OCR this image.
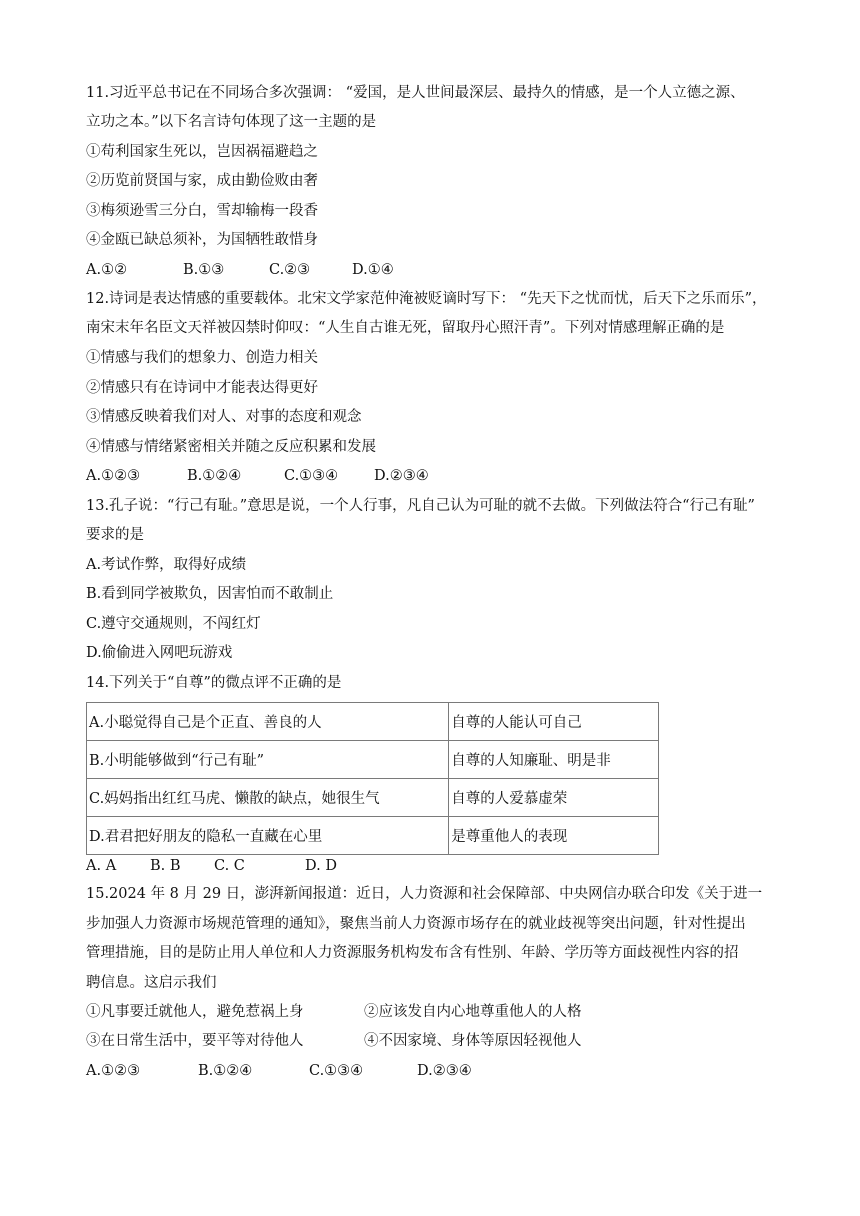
11.习近平总书记在不同场合多次强调： “爱国，是人世间最深层、最持久的情感，是一个人立德之源、
立功之本。”以下名言诗句体现了这一主题的是
①苟利国家生死以，岂因祸福避趋之
②历览前贤国与家，成由勤俭败由奢
③梅须逊雪三分白，雪却输梅一段香
④金瓯已缺总须补，为国牺牲敢惜身
A.①②	B.①③	C.②③	D.①④
12.诗词是表达情感的重要载体。北宋文学家范仲淹被贬谪时写下： “先天下之忧而忧，后天下之乐而乐”，
南宋末年名臣文天祥被囚禁时仰叹：“人生自古谁无死，留取丹心照汗青”。下列对情感理解正确的是
①情感与我们的想象力、创造力相关
②情感只有在诗词中才能表达得更好
③情感反映着我们对人、对事的态度和观念
④情感与情绪紧密相关并随之反应积累和发展
A.①②③	B.①②④	C.①③④ D.②③④
13.孔子说：“行己有耻。”意思是说，一个人行事，凡自己认为可耻的就不去做。下列做法符合“行己有耻”
要求的是
A.考试作弊，取得好成绩
B.看到同学被欺负，因害怕而不敢制止
C.遵守交通规则，不闯红灯
D.偷偷进入网吧玩游戏
14.下列关于“自尊”的微点评不正确的是
A.小聪觉得自己是个正直、善良的人	自尊的人能认可自己
B.小明能够做到“行己有耻”	自尊的人知廉耻、明是非
C.妈妈指出红红马虎、懒散的缺点，她很生气	自尊的人爱慕虚荣
D.君君把好朋友的隐私一直藏在心里	是尊重他人的表现
A. A B. B C. C	D. D
15.2024 年 8 月 29 日，澎湃新闻报道：近日，人力资源和社会保障部、中央网信办联合印发《关于进一
步加强人力资源市场规范管理的通知》，聚焦当前人力资源市场存在的就业歧视等突出问题，针对性提出
管理措施，目的是防止用人单位和人力资源服务机构发布含有性别、年龄、学历等方面歧视性内容的招
聘信息。这启示我们
①凡事要迁就他人，避免惹祸上身	②应该发自内心地尊重他人的人格
③在日常生活中，要平等对待他人	④不因家境、身体等原因轻视他人
A.①②③	B.①②④	C.①③④	D.②③④
